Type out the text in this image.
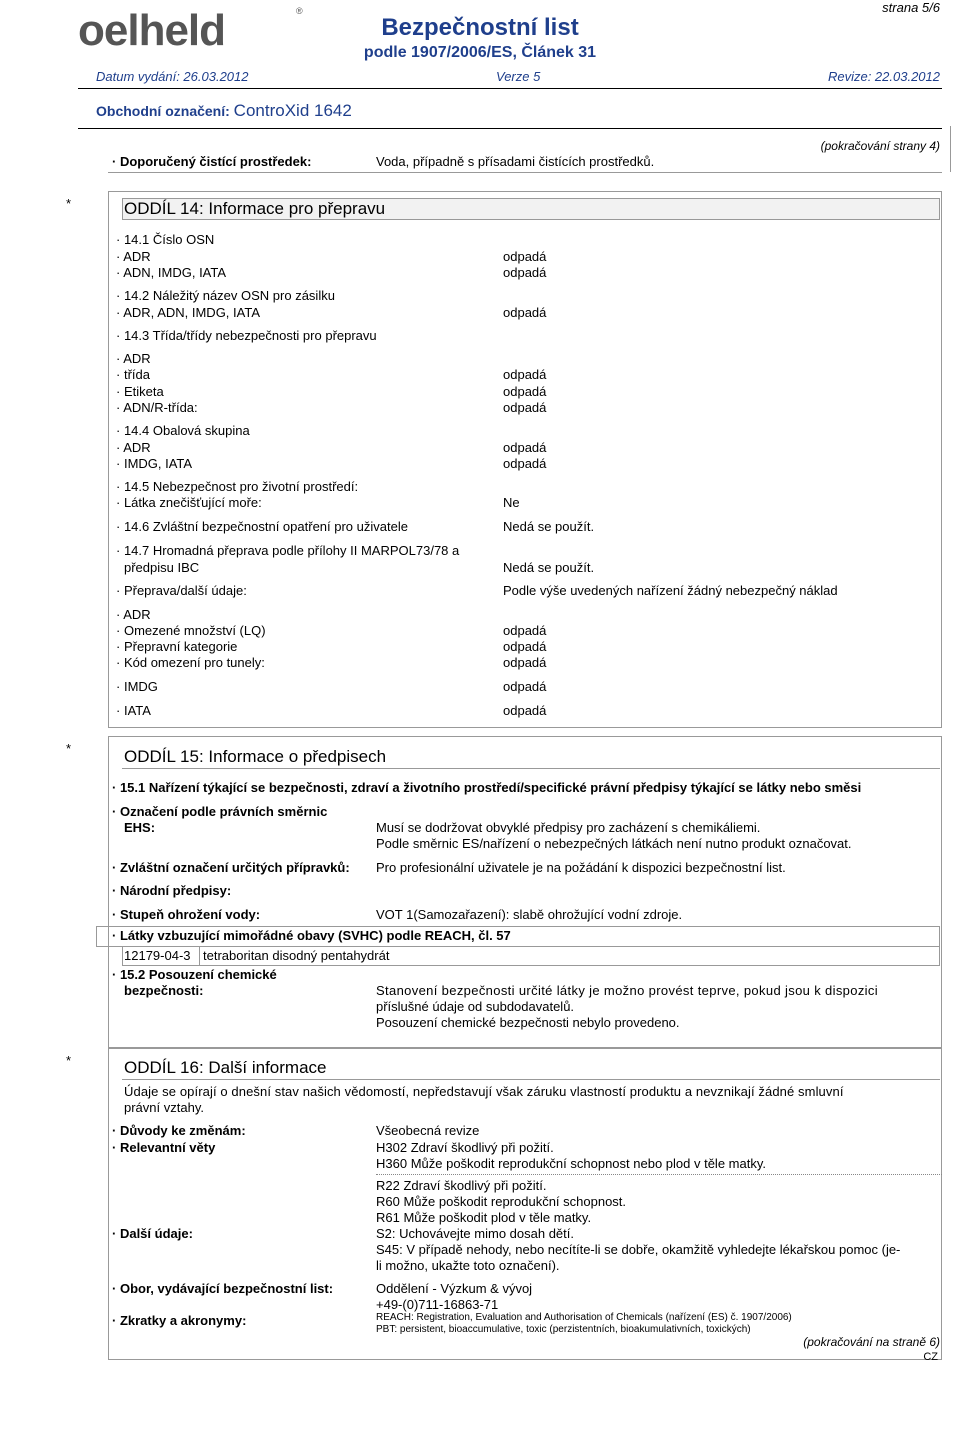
oelheld	®	strana 5/6
Bezpečnostní list
podle 1907/2006/ES, Článek 31
Datum vydání: 26.03.2012	Verze 5	Revize: 22.03.2012
Obchodní označení: ControXid 1642
(pokračování strany 4)
· Doporučený čistící prostředek:	Voda, případně s přísadami čistících prostředků.
*	ODDÍL 14: Informace pro přepravu
· 14.1 Číslo OSN
· ADR	odpadá
· ADN, IMDG, IATA	odpadá
· 14.2 Náležitý název OSN pro zásilku
· ADR, ADN, IMDG, IATA	odpadá
· 14.3 Třída/třídy nebezpečnosti pro přepravu
· ADR
· třída	odpadá
· Etiketa	odpadá
· ADN/R-třída:	odpadá
· 14.4 Obalová skupina
· ADR	odpadá
· IMDG, IATA	odpadá
· 14.5 Nebezpečnost pro životní prostředí:
· Látka znečišťující moře:	Ne
· 14.6 Zvláštní bezpečnostní opatření pro uživatele	Nedá se použít.
· 14.7 Hromadná přeprava podle přílohy II MARPOL73/78 a
předpisu IBC	Nedá se použít.
· Přeprava/další údaje:	Podle výše uvedených nařízení žádný nebezpečný náklad
· ADR
· Omezené množství (LQ)	odpadá
· Přepravní kategorie	odpadá
· Kód omezení pro tunely:	odpadá
· IMDG	odpadá
· IATA	odpadá
*	ODDÍL 15: Informace o předpisech
· 15.1 Nařízení týkající se bezpečnosti, zdraví a životního prostředí/specifické právní předpisy týkající se látky nebo směsi
· Označení podle právních směrnic
EHS:	Musí se dodržovat obvyklé předpisy pro zacházení s chemikáliemi.
Podle směrnic ES/nařízení o nebezpečných látkách není nutno produkt označovat.
· Zvláštní označení určitých přípravků: Pro profesionální uživatele je na požádání k dispozici bezpečnostní list.
· Národní předpisy:
· Stupeň ohrožení vody:	VOT 1(Samozařazení): slabě ohrožující vodní zdroje.
· Látky vzbuzující mimořádné obavy (SVHC) podle REACH, čl. 57
12179-04-3 tetraboritan disodný pentahydrát
· 15.2 Posouzení chemické
bezpečnosti:	Stanovení bezpečnosti určité látky je možno provést teprve, pokud jsou k dispozici
příslušné údaje od subdodavatelů.
Posouzení chemické bezpečnosti nebylo provedeno.
*	ODDÍL 16: Další informace
Údaje se opírají o dnešní stav našich vědomostí, nepředstavují však záruku vlastností produktu a nevznikají žádné smluvní
právní vztahy.
· Důvody ke změnám:	Všeobecná revize
· Relevantní věty	H302 Zdraví škodlivý při požití.
H360 Může poškodit reprodukční schopnost nebo plod v těle matky.
R22 Zdraví škodlivý při požití.
R60 Může poškodit reprodukční schopnost.
R61 Může poškodit plod v těle matky.
· Další údaje:	S2: Uchovávejte mimo dosah dětí.
S45: V případě nehody, nebo necítíte-li se dobře, okamžitě vyhledejte lékařskou pomoc (je-
li možno, ukažte toto označení).
· Obor, vydávající bezpečnostní list:	Oddělení - Výzkum & vývoj
+49-(0)711-16863-71
· Zkratky a akronymy:	REACH: Registration, Evaluation and Authorisation of Chemicals (nařízení (ES) č. 1907/2006)
PBT: persistent, bioaccumulative, toxic (perzistentních, bioakumulativních, toxických)
(pokračování na straně 6)
CZ
